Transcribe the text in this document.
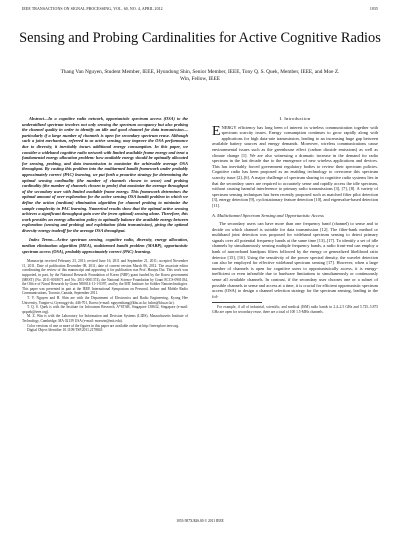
IEEE TRANSACTIONS ON SIGNAL PROCESSING, VOL. 60, NO. 4, APRIL 2012	1835
Sensing and Probing Cardinalities for Active Cognitive Radios
Thang Van Nguyen, Student Member, IEEE, Hyundong Shin, Senior Member, IEEE, Tony Q. S. Quek, Member, IEEE, and Moe Z. Win, Fellow, IEEE

Abstract—In a cognitive radio network, opportunistic spectrum access (OSA) to the underutilized spectrum involves not only sensing the spectrum occupancy but also probing the channel quality in order to identify an idle and good channel for data transmission—particularly if a large number of channels is open for secondary spectrum reuse. Although such a joint mechanism, referred to as active sensing, may improve the OSA performance due to diversity, it inevitably incurs additional energy consumption. In this paper, we consider a wideband cognitive radio network with limited available frame energy and treat a fundamental energy allocation problem: how available energy should be optimally allocated for sensing, probing, and data transmission to maximize the achievable average OSA throughput. By casting this problem into the multiarmed bandit framework under probably approximately correct (PAC) learning, we put forth a proactive strategy for determining the optimal sensing cardinality (the number of channels chosen to sense) and probing cardinality (the number of channels chosen to probe) that maximize the average throughput of the secondary user with limited available frame energy. This framework determines the optimal amount of over-exploration for the active sensing OSA bandit problem in which we define the action (medium) elimination algorithm for channel probing to minimize the sample complexity in PAC learning. Numerical results show that the optimal active sensing achieves a significant throughput gain over the (even optimal) sensing alone. Therefore, this work provides an energy allocation policy to optimally balance the available energy between exploration (sensing and probing) and exploitation (data transmission), giving the optimal diversity-energy tradeoff for the average OSA throughput.

Index Terms—Active spectrum sensing, cognitive radio, diversity, energy allocation, median elimination algorithm (MEA), multiarmed bandit problem (MABP), opportunistic spectrum access (OSA), probably approximately correct (PAC) learning.

Manuscript received February 23, 2011; revised June 16, 2011 and September 21, 2011; accepted November 11, 2011. Date of publication December 08, 2011; date of current version March 06, 2012. The associate editor coordinating the review of this manuscript and approving it for publication was Prof. Huaiyu Dai. This work was supported, in part, by the National Research Foundation of Korea (NRF) grant funded by the Korea government (MEST) (No. 2011-0018071 and No. 2011-0001374), the National Science Foundation by Grant ECCS-0901034, the Office of Naval Research by Grant N00014-11-1-0397, and by the MIT Institute for Soldier Nanotechnologies. This paper was presented in part at the IEEE International Symposium on Personal, Indoor and Mobile Radio Communications, Toronto, Canada, September 2011.

T. V. Nguyen and H. Shin are with the Department of Electronics and Radio Engineering, Kyung Hee University, Yongin-si, Gyeonggi-do, 446-701, Korea (e-mail: nguyenthang@khu.ac.kr; hshin@khu.ac.kr).

T. Q. S. Quek is with the Institute for Infocomm Research, A*STAR, Singapore 138632, Singapore (e-mail: qsquek@ieee.org).

M. Z. Win is with the Laboratory for Information and Decision Systems (LIDS), Massachusetts Institute of Technology, Cambridge, MA 02139 USA (e-mail: moewin@mit.edu).

Color versions of one or more of the figures in this paper are available online at http://ieeexplore.ieee.org.

Digital Object Identifier 10.1109/TSP.2011.2178843

I. Introduction

ENERGY efficiency has long been of interest in wireless communication together with spectrum scarcity issues. Energy consumption continues to grow rapidly along with applications for high data-rate transmission, leading to an increasing huge gap between available battery sources and energy demands. Moreover, wireless communications cause environmental issues such as the greenhouse effect (carbon dioxide emissions) as well as climate change [1]. We are also witnessing a dramatic increase in the demand for radio spectrum in the last decade due to the emergence of new wireless applications and devices. This has inevitably forced government regulatory bodies to review their spectrum policies. Cognitive radio has been proposed as an enabling technology to overcome this spectrum scarcity issue [2]–[6]. A major challenge of spectrum sharing in cognitive radio systems lies in that the secondary users are required to accurately sense and rapidly access the idle spectrum, without causing harmful interference to primary radio transmissions [3], [7], [8]. A variety of spectrum sensing techniques has been recently proposed such as matched filter pilot detection [3], energy detection [9], cyclostationary feature detection [10], and eigenvalue-based detection [11].

A. Multichannel Spectrum Sensing and Opportunistic Access

The secondary users can have more than one frequency band (channel) to sense and to decide on which channel is suitable for data transmission [12]. The filter-bank method or multiband joint detection was proposed for wideband spectrum sensing to detect primary signals over all potential frequency bands at the same time [13]–[17]. To identify a set of idle channels by simultaneously sensing multiple frequency bands, a radio front-end can employ a bank of narrowband bandpass filters followed by the energy or generalized likelihood ratio detector [15], [16]. Using the sensitivity of the power spectral density, the wavelet detection can also be employed for effective wideband spectrum sensing [17]. However, when a large number of channels is open for cognitive users to opportunistically access, it is energy-inefficient or even infeasible due to hardware limitations to simultaneously or continuously sense all available channels. In contrast, if the secondary user chooses one or a subset of possible channels to sense and access at a time, it is crucial for efficient opportunistic spectrum access (OSA) to design a channel selection strategy for the spectrum sensing, leading to the fol-

For example, if all of industrial, scientific, and medical (ISM) radio bands in 2.4–2.5 GHz and 5.725–5.875 GHz are open for secondary reuse, there are a total of 100 1.5-MHz channels.

1053-587X/$26.00 © 2011 IEEE
